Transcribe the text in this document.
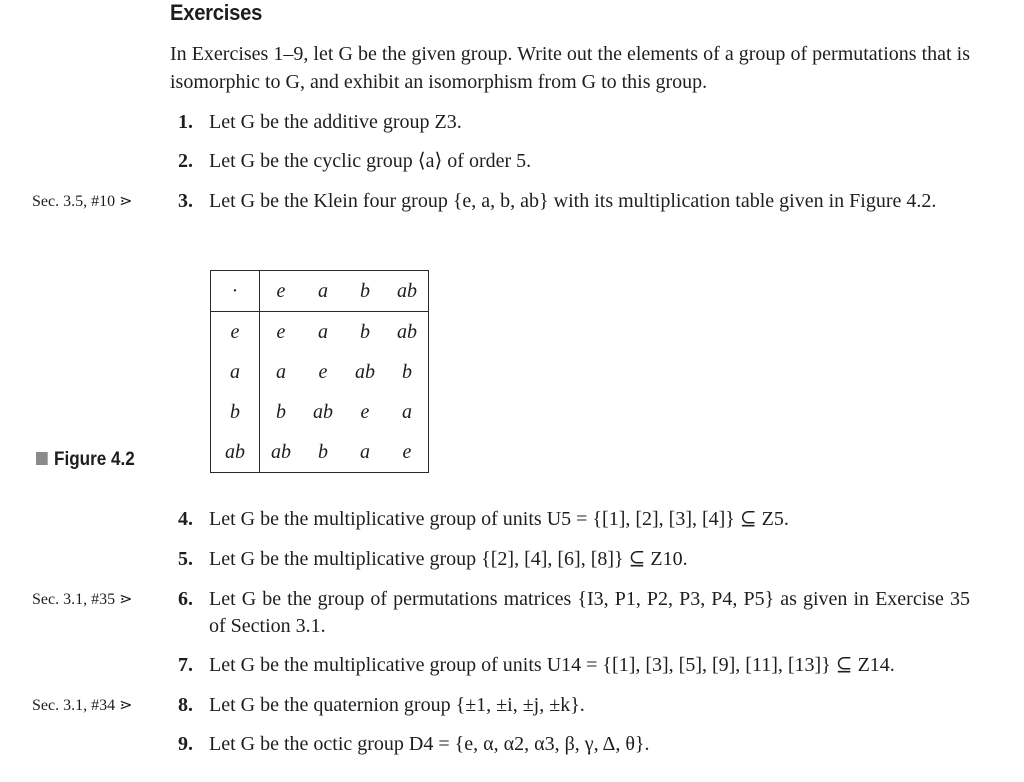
Exercises

In Exercises 1–9, let G be the given group. Write out the elements of a group of permutations that is isomorphic to G, and exhibit an isomorphism from G to this group.

Sec. 3.5, #10 ⋗
Sec. 3.1, #35 ⋗
Sec. 3.1, #34 ⋗
1. Let G be the additive group Z3.
2. Let G be the cyclic group ⟨a⟩ of order 5.
3. Let G be the Klein four group {e, a, b, ab} with its multiplication table given in Figure 4.2.
·	e	a	b	ab
e	e	a	b	ab
a	a	e	ab	b
b	b	ab	e	a
ab	ab	b	a	e
Figure 4.2
4. Let G be the multiplicative group of units U5 = {[1], [2], [3], [4]} ⊆ Z5.
5. Let G be the multiplicative group {[2], [4], [6], [8]} ⊆ Z10.
6. Let G be the group of permutations matrices {I3, P1, P2, P3, P4, P5} as given in Exercise 35 of Section 3.1.
7. Let G be the multiplicative group of units U14 = {[1], [3], [5], [9], [11], [13]} ⊆ Z14.
8. Let G be the quaternion group {±1, ±i, ±j, ±k}.
9. Let G be the octic group D4 = {e, α, α2, α3, β, γ, Δ, θ}.
